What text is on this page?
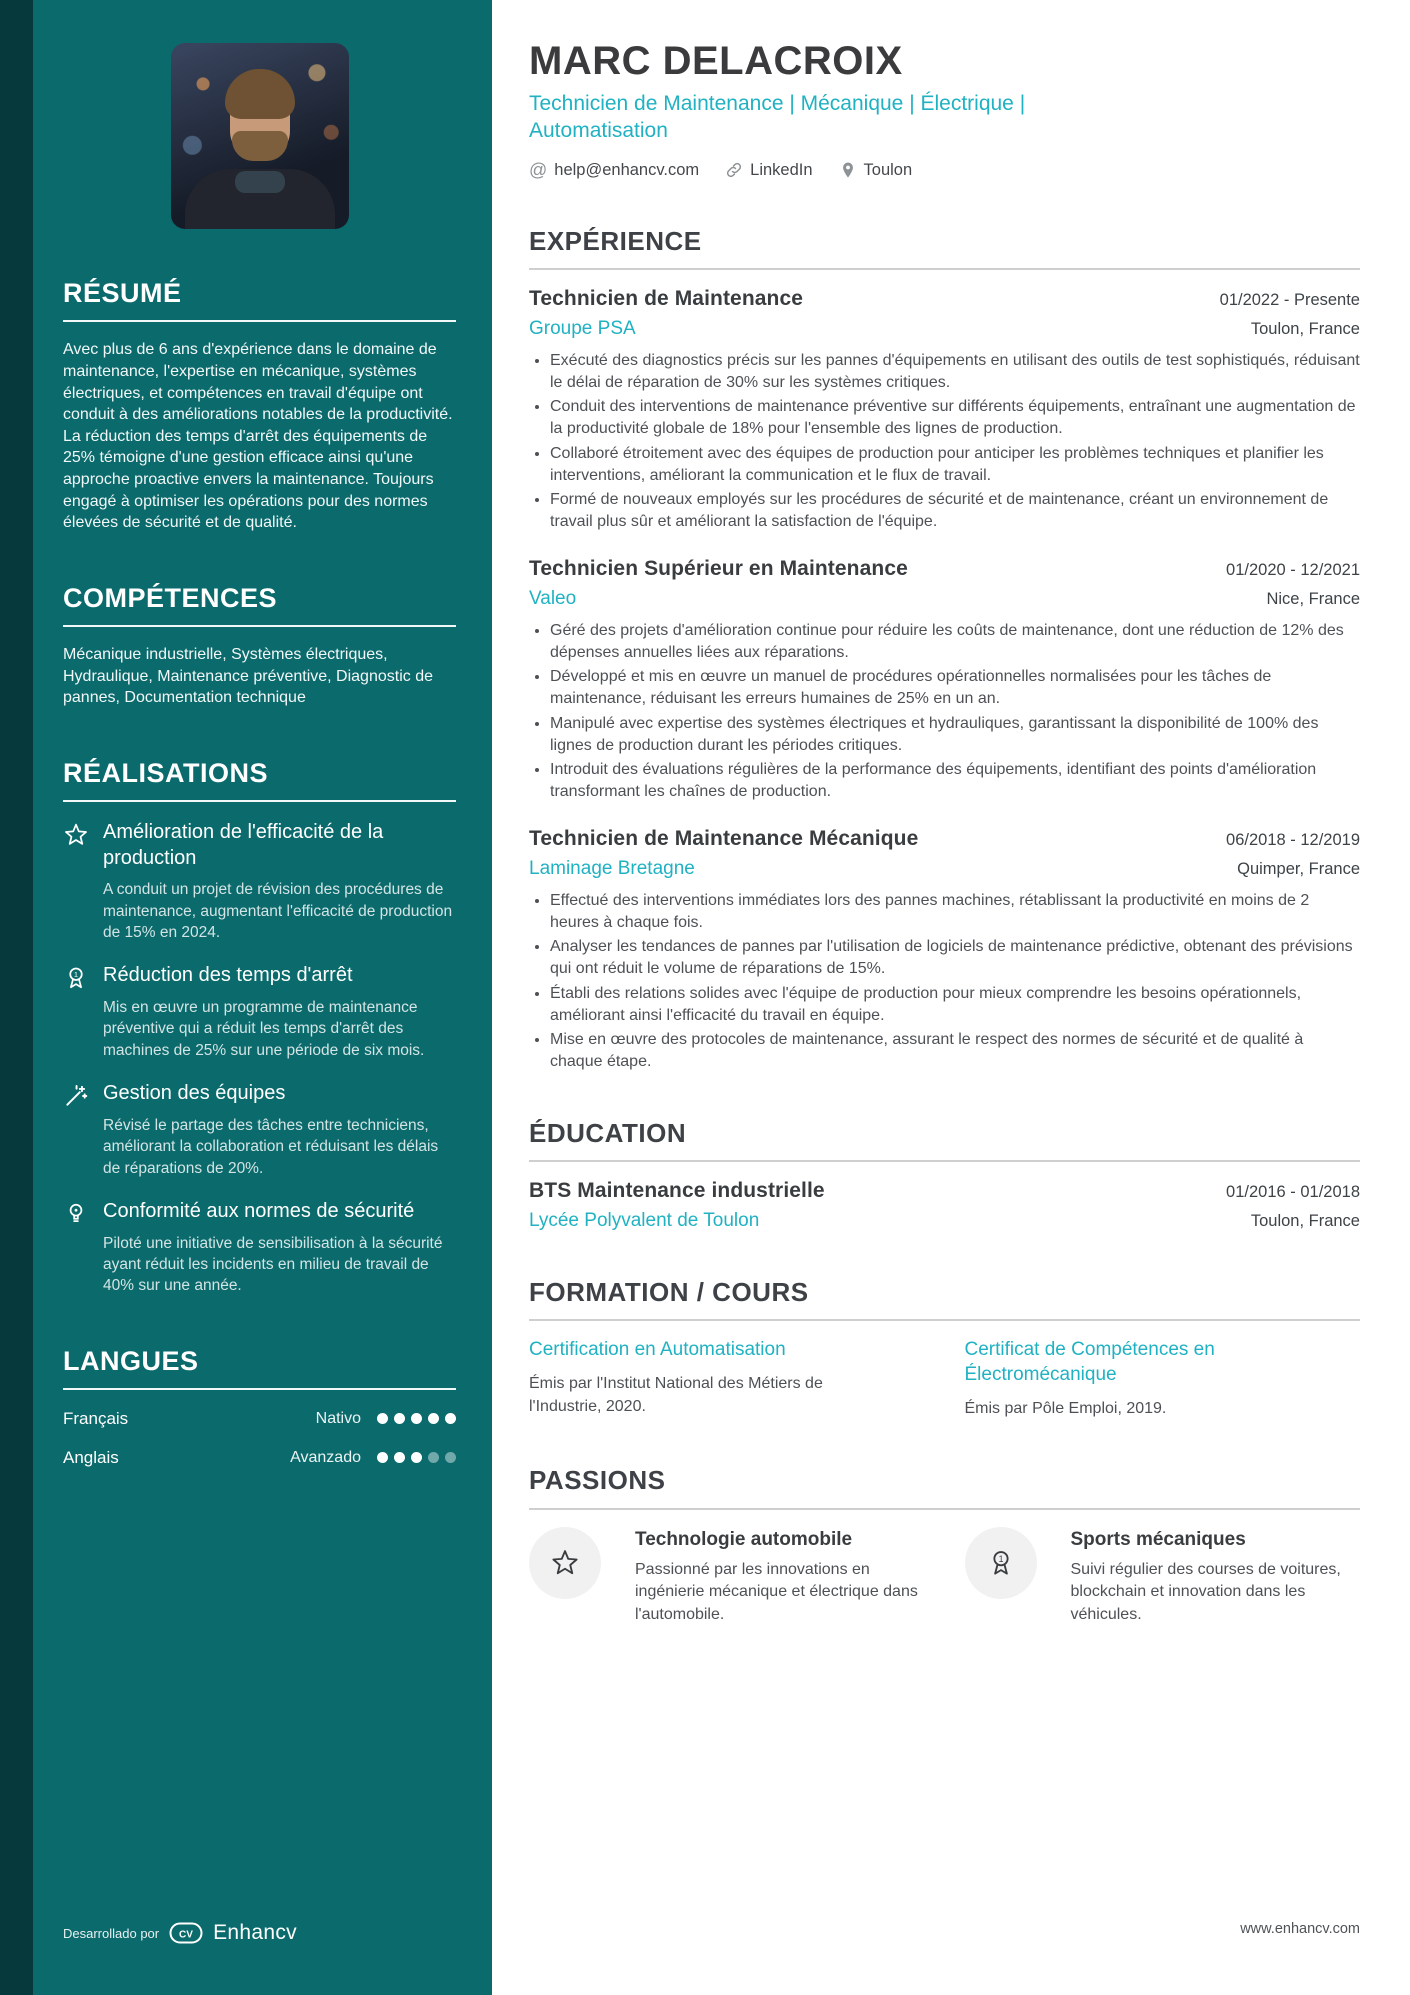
RÉSUMÉ
Avec plus de 6 ans d'expérience dans le domaine de maintenance, l'expertise en mécanique, systèmes électriques, et compétences en travail d'équipe ont conduit à des améliorations notables de la productivité. La réduction des temps d'arrêt des équipements de 25% témoigne d'une gestion efficace ainsi qu'une approche proactive envers la maintenance. Toujours engagé à optimiser les opérations pour des normes élevées de sécurité et de qualité.
COMPÉTENCES
Mécanique industrielle, Systèmes électriques, Hydraulique, Maintenance préventive, Diagnostic de pannes, Documentation technique
RÉALISATIONS

Amélioration de l'efficacité de la production

A conduit un projet de révision des procédures de maintenance, augmentant l'efficacité de production de 15% en 2024.
1 Réduction des temps d'arrêt

Mis en œuvre un programme de maintenance préventive qui a réduit les temps d'arrêt des machines de 25% sur une période de six mois.

Gestion des équipes

Révisé le partage des tâches entre techniciens, améliorant la collaboration et réduisant les délais de réparations de 20%.

Conformité aux normes de sécurité

Piloté une initiative de sensibilisation à la sécurité ayant réduit les incidents en milieu de travail de 40% sur une année.
LANGUES
Français	Nativo
Anglais	Avanzado
Desarrollado por CV Enhancv
MARC DELACROIX
Technicien de Maintenance | Mécanique | Électrique | Automatisation
@ help@enhancv.com	LinkedIn	Toulon
EXPÉRIENCE
Technicien de Maintenance	01/2022 - Presente
Groupe PSA	Toulon, France
• Exécuté des diagnostics précis sur les pannes d'équipements en utilisant des outils de test sophistiqués, réduisant le délai de réparation de 30% sur les systèmes critiques.
• Conduit des interventions de maintenance préventive sur différents équipements, entraînant une augmentation de la productivité globale de 18% pour l'ensemble des lignes de production.
• Collaboré étroitement avec des équipes de production pour anticiper les problèmes techniques et planifier les interventions, améliorant la communication et le flux de travail.
• Formé de nouveaux employés sur les procédures de sécurité et de maintenance, créant un environnement de travail plus sûr et améliorant la satisfaction de l'équipe.
Technicien Supérieur en Maintenance	01/2020 - 12/2021
Valeo	Nice, France
• Géré des projets d'amélioration continue pour réduire les coûts de maintenance, dont une réduction de 12% des dépenses annuelles liées aux réparations.
• Développé et mis en œuvre un manuel de procédures opérationnelles normalisées pour les tâches de maintenance, réduisant les erreurs humaines de 25% en un an.
• Manipulé avec expertise des systèmes électriques et hydrauliques, garantissant la disponibilité de 100% des lignes de production durant les périodes critiques.
• Introduit des évaluations régulières de la performance des équipements, identifiant des points d'amélioration transformant les chaînes de production.
Technicien de Maintenance Mécanique	06/2018 - 12/2019
Laminage Bretagne	Quimper, France
• Effectué des interventions immédiates lors des pannes machines, rétablissant la productivité en moins de 2 heures à chaque fois.
• Analyser les tendances de pannes par l'utilisation de logiciels de maintenance prédictive, obtenant des prévisions qui ont réduit le volume de réparations de 15%.
• Établi des relations solides avec l'équipe de production pour mieux comprendre les besoins opérationnels, améliorant ainsi l'efficacité du travail en équipe.
• Mise en œuvre des protocoles de maintenance, assurant le respect des normes de sécurité et de qualité à chaque étape.
ÉDUCATION
BTS Maintenance industrielle	01/2016 - 01/2018
Lycée Polyvalent de Toulon	Toulon, France
FORMATION / COURS

Certification en Automatisation

Émis par l'Institut National des Métiers de l'Industrie, 2020.

Certificat de Compétences en Électromécanique

Émis par Pôle Emploi, 2019.
PASSIONS

Technologie automobile

Passionné par les innovations en ingénierie mécanique et électrique dans l'automobile.
1

Sports mécaniques

Suivi régulier des courses de voitures, blockchain et innovation dans les véhicules.
www.enhancv.com
